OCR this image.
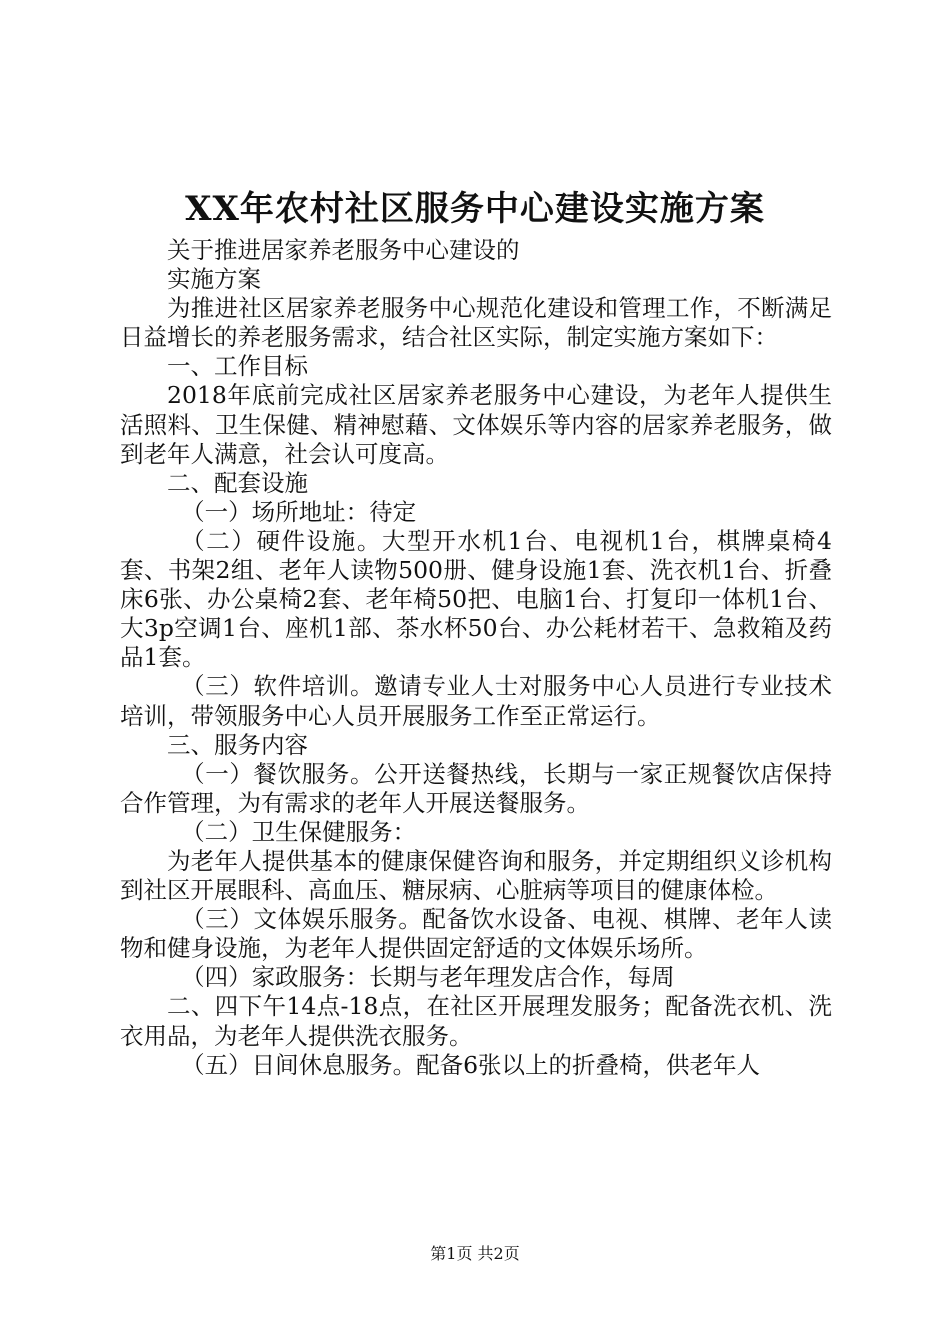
XX年农村社区服务中心建设实施方案

关于推进居家养老服务中心建设的

实施方案

为推进社区居家养老服务中心规范化建设和管理工作，不断满足日益增长的养老服务需求，结合社区实际，制定实施方案如下：

一、工作目标

2018年底前完成社区居家养老服务中心建设，为老年人提供生活照料、卫生保健、精神慰藉、文体娱乐等内容的居家养老服务，做到老年人满意，社会认可度高。

二、配套设施

（一）场所地址：待定

（二）硬件设施。大型开水机1台、电视机1台，棋牌桌椅4套、书架2组、老年人读物500册、健身设施1套、洗衣机1台、折叠床6张、办公桌椅2套、老年椅50把、电脑1台、打复印一体机1台、大3p空调1台、座机1部、茶水杯50台、办公耗材若干、急救箱及药品1套。

（三）软件培训。邀请专业人士对服务中心人员进行专业技术培训，带领服务中心人员开展服务工作至正常运行。

三、服务内容

（一）餐饮服务。公开送餐热线，长期与一家正规餐饮店保持合作管理，为有需求的老年人开展送餐服务。

（二）卫生保健服务：

为老年人提供基本的健康保健咨询和服务，并定期组织义诊机构到社区开展眼科、高血压、糖尿病、心脏病等项目的健康体检。

（三）文体娱乐服务。配备饮水设备、电视、棋牌、老年人读物和健身设施，为老年人提供固定舒适的文体娱乐场所。

（四）家政服务：长期与老年理发店合作，每周

二、四下午14点-18点，在社区开展理发服务；配备洗衣机、洗衣用品，为老年人提供洗衣服务。

（五）日间休息服务。配备6张以上的折叠椅，供老年人

第1页 共2页
